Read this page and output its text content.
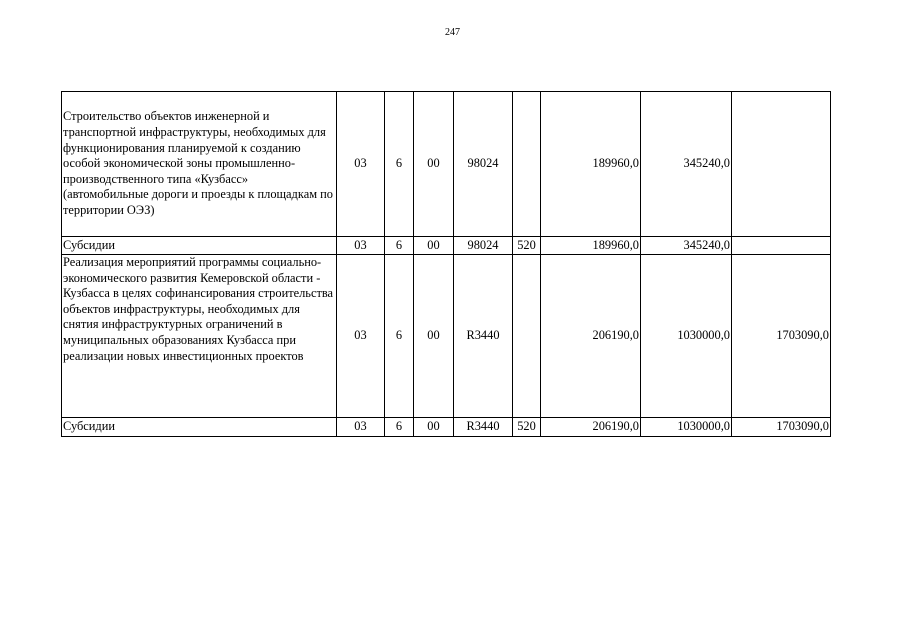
247
Строительство объектов инженерной и транспортной инфраструктуры, необходимых для функционирования планируемой к созданию особой экономической зоны промышленно-производственного типа «Кузбасс» (автомобильные дороги и проезды к площадкам по территории ОЭЗ)	03	6	00	98024		189960,0	345240,0	
Субсидии	03	6	00	98024	520	189960,0	345240,0	
Реализация мероприятий программы социально-экономического развития Кемеровской области - Кузбасса в целях софинансирования строительства объектов инфраструктуры, необходимых для снятия инфраструктурных ограничений в муниципальных образованиях Кузбасса при реализации новых инвестиционных проектов	03	6	00	R3440		206190,0	1030000,0	1703090,0
Субсидии	03	6	00	R3440	520	206190,0	1030000,0	1703090,0
